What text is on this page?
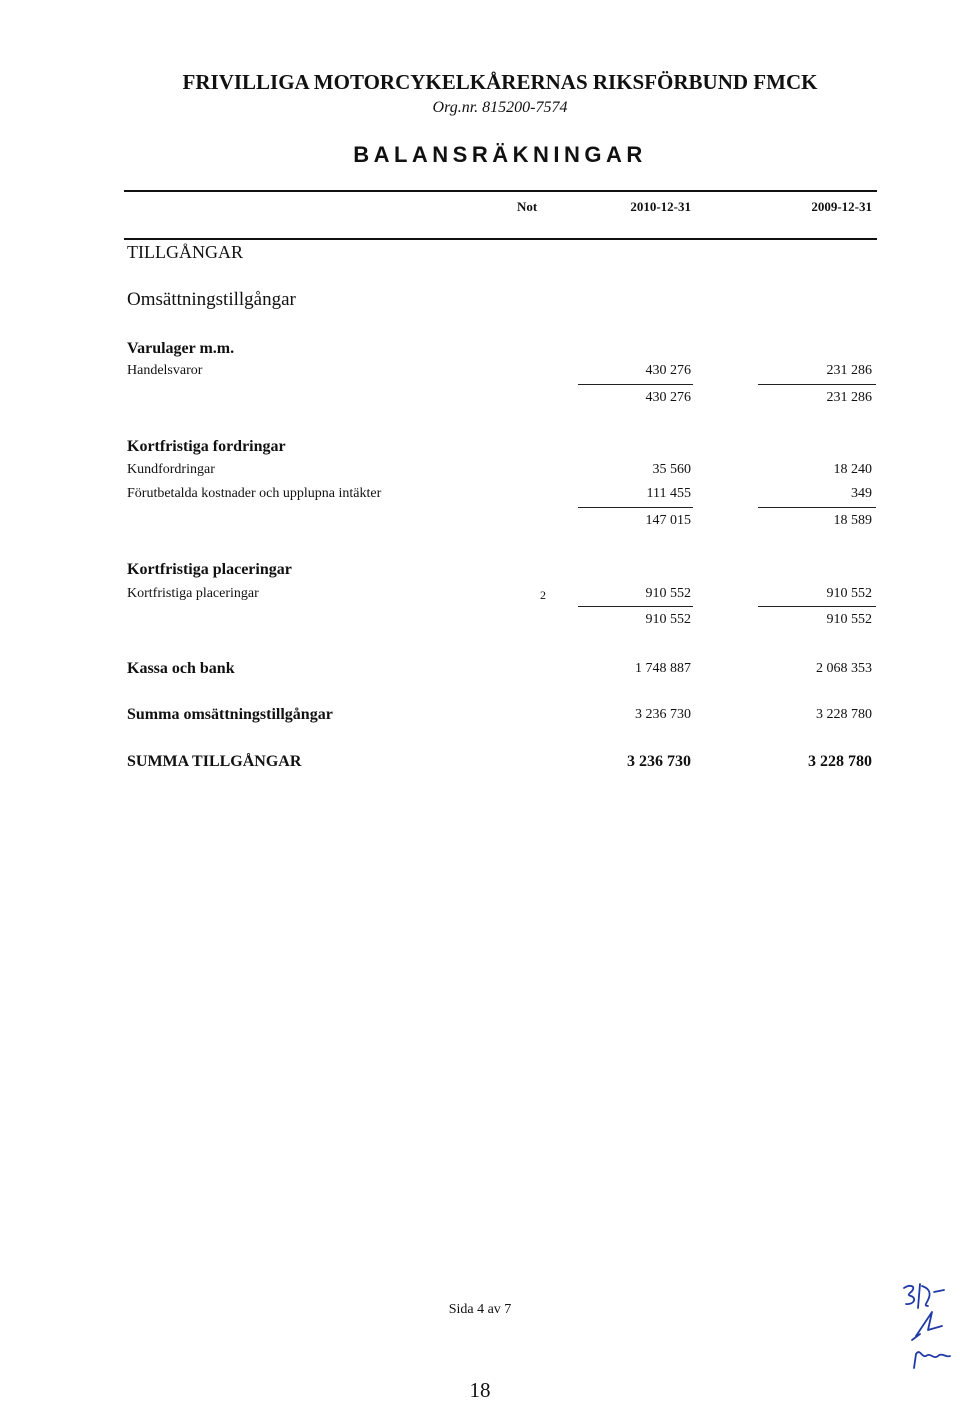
FRIVILLIGA MOTORCYKELKÅRERNAS RIKSFÖRBUND FMCK
Org.nr. 815200-7574
BALANSRÄKNINGAR
Not	2010-12-31	2009-12-31
TILLGÅNGAR
Omsättningstillgångar
Varulager m.m.
Handelsvaror	430 276	231 286
430 276	231 286
Kortfristiga fordringar
Kundfordringar	35 560	18 240
Förutbetalda kostnader och upplupna intäkter	111 455	349
147 015	18 589
Kortfristiga placeringar
Kortfristiga placeringar	2	910 552	910 552
910 552	910 552
Kassa och bank	1 748 887	2 068 353
Summa omsättningstillgångar	3 236 730	3 228 780
SUMMA TILLGÅNGAR	3 236 730	3 228 780
Sida 4 av 7
18
